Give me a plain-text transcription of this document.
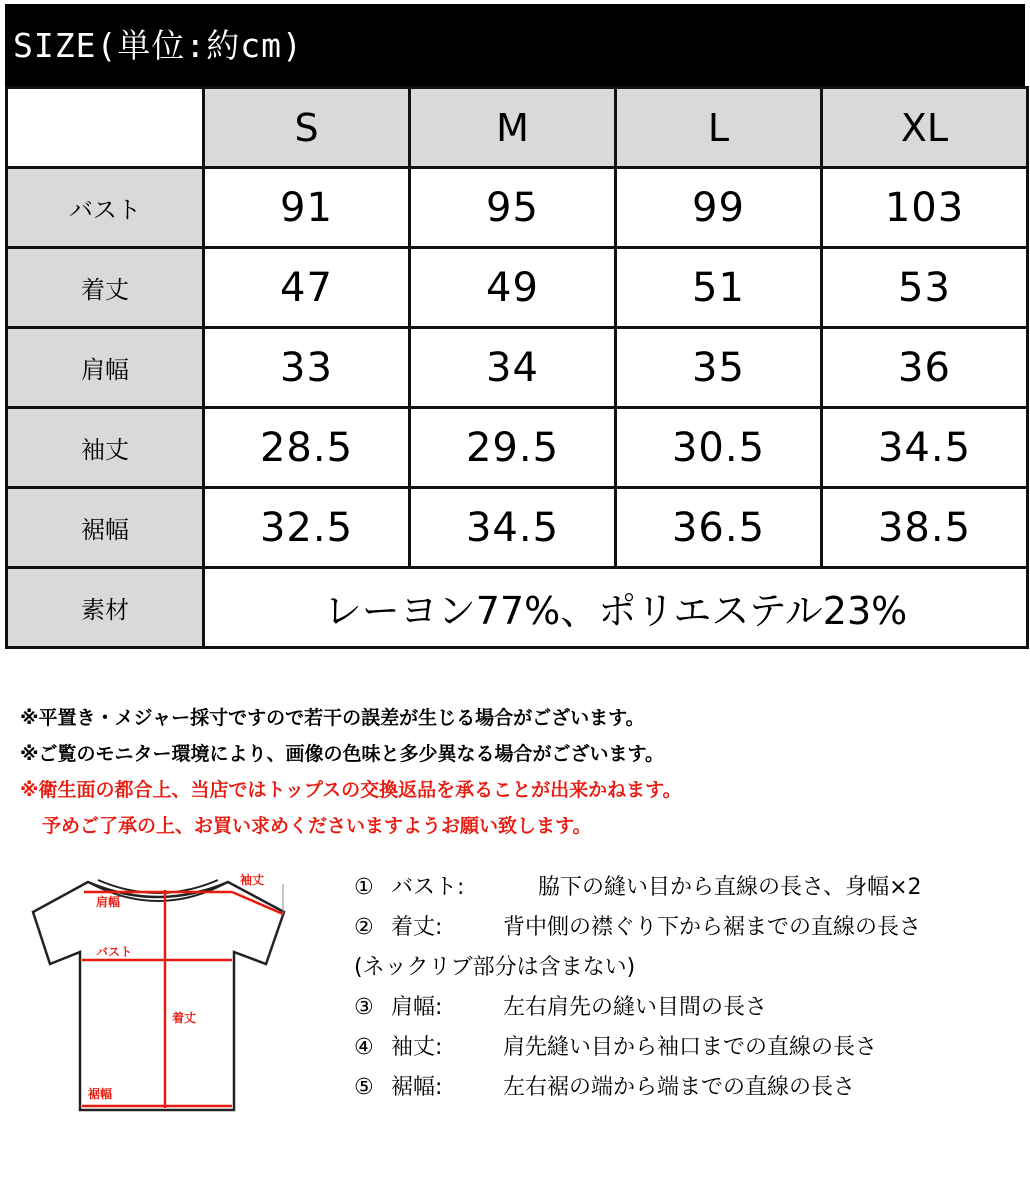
SIZE(単位:約cm)
	S	M	L	XL
バスト	91	95	99	103
着丈	47	49	51	53
肩幅	33	34	35	36
袖丈	28.5	29.5	30.5	34.5
裾幅	32.5	34.5	36.5	38.5
素材	レーヨン77%、ポリエステル23%			
※平置き・メジャー採寸ですので若干の誤差が生じる場合がございます。
※ご覧のモニター環境により、画像の色味と多少異なる場合がございます。
※衛生面の都合上、当店ではトップスの交換返品を承ることが出来かねます。
予めご了承の上、お買い求めくださいますようお願い致します。
袖丈
肩幅
バスト
着丈
裾幅
① バスト:	脇下の縫い目から直線の長さ、身幅×2
② 着丈:	背中側の襟ぐり下から裾までの直線の長さ
(ネックリブ部分は含まない)
③ 肩幅:	左右肩先の縫い目間の長さ
④ 袖丈:	肩先縫い目から袖口までの直線の長さ
⑤ 裾幅:	左右裾の端から端までの直線の長さ
